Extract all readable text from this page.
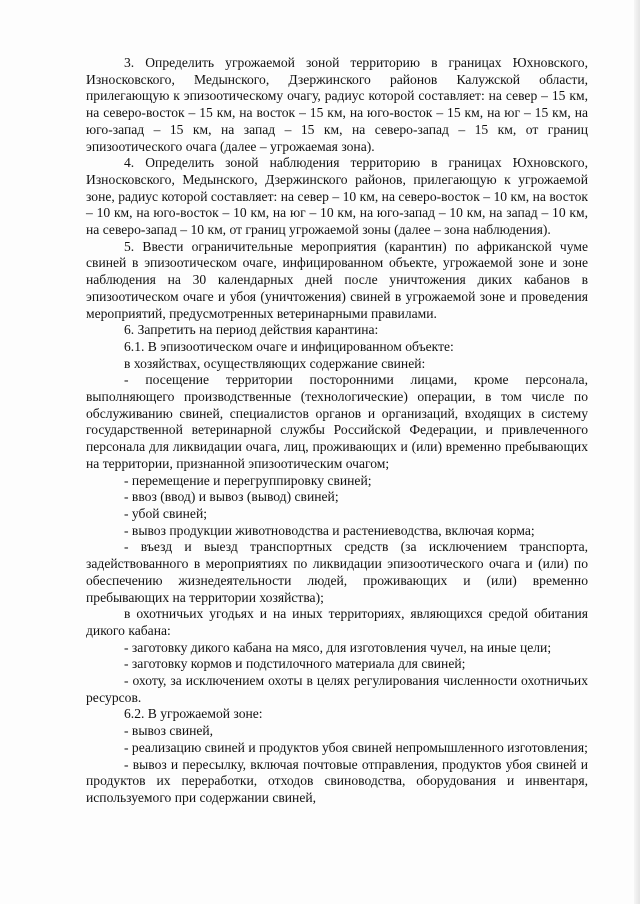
3. Определить угрожаемой зоной территорию в границах Юхновского, Износковского, Медынского, Дзержинского районов Калужской области, прилегающую к эпизоотическому очагу, радиус которой составляет: на север – 15 км, на северо-восток – 15 км, на восток – 15 км, на юго-восток – 15 км, на юг – 15 км, на юго-запад – 15 км, на запад – 15 км, на северо-запад – 15 км, от границ эпизоотического очага (далее – угрожаемая зона).

4. Определить зоной наблюдения территорию в границах Юхновского, Износковского, Медынского, Дзержинского районов, прилегающую к угрожаемой зоне, радиус которой составляет: на север – 10 км, на северо-восток – 10 км, на восток – 10 км, на юго-восток – 10 км, на юг – 10 км, на юго-запад – 10 км, на запад – 10 км, на северо-запад – 10 км, от границ угрожаемой зоны (далее – зона наблюдения).

5. Ввести ограничительные мероприятия (карантин) по африканской чуме свиней в эпизоотическом очаге, инфицированном объекте, угрожаемой зоне и зоне наблюдения на 30 календарных дней после уничтожения диких кабанов в эпизоотическом очаге и убоя (уничтожения) свиней в угрожаемой зоне и проведения мероприятий, предусмотренных ветеринарными правилами.

6. Запретить на период действия карантина:

6.1. В эпизоотическом очаге и инфицированном объекте:

в хозяйствах, осуществляющих содержание свиней:

- посещение территории посторонними лицами, кроме персонала, выполняющего производственные (технологические) операции, в том числе по обслуживанию свиней, специалистов органов и организаций, входящих в систему государственной ветеринарной службы Российской Федерации, и привлеченного персонала для ликвидации очага, лиц, проживающих и (или) временно пребывающих на территории, признанной эпизоотическим очагом;

- перемещение и перегруппировку свиней;

- ввоз (ввод) и вывоз (вывод) свиней;

- убой свиней;

- вывоз продукции животноводства и растениеводства, включая корма;

- въезд и выезд транспортных средств (за исключением транспорта, задействованного в мероприятиях по ликвидации эпизоотического очага и (или) по обеспечению жизнедеятельности людей, проживающих и (или) временно пребывающих на территории хозяйства);

в охотничьих угодьях и на иных территориях, являющихся средой обитания дикого кабана:

- заготовку дикого кабана на мясо, для изготовления чучел, на иные цели;

- заготовку кормов и подстилочного материала для свиней;

- охоту, за исключением охоты в целях регулирования численности охотничьих ресурсов.

6.2. В угрожаемой зоне:

- вывоз свиней,

- реализацию свиней и продуктов убоя свиней непромышленного изготовления;

- вывоз и пересылку, включая почтовые отправления, продуктов убоя свиней и продуктов их переработки, отходов свиноводства, оборудования и инвентаря, используемого при содержании свиней,
